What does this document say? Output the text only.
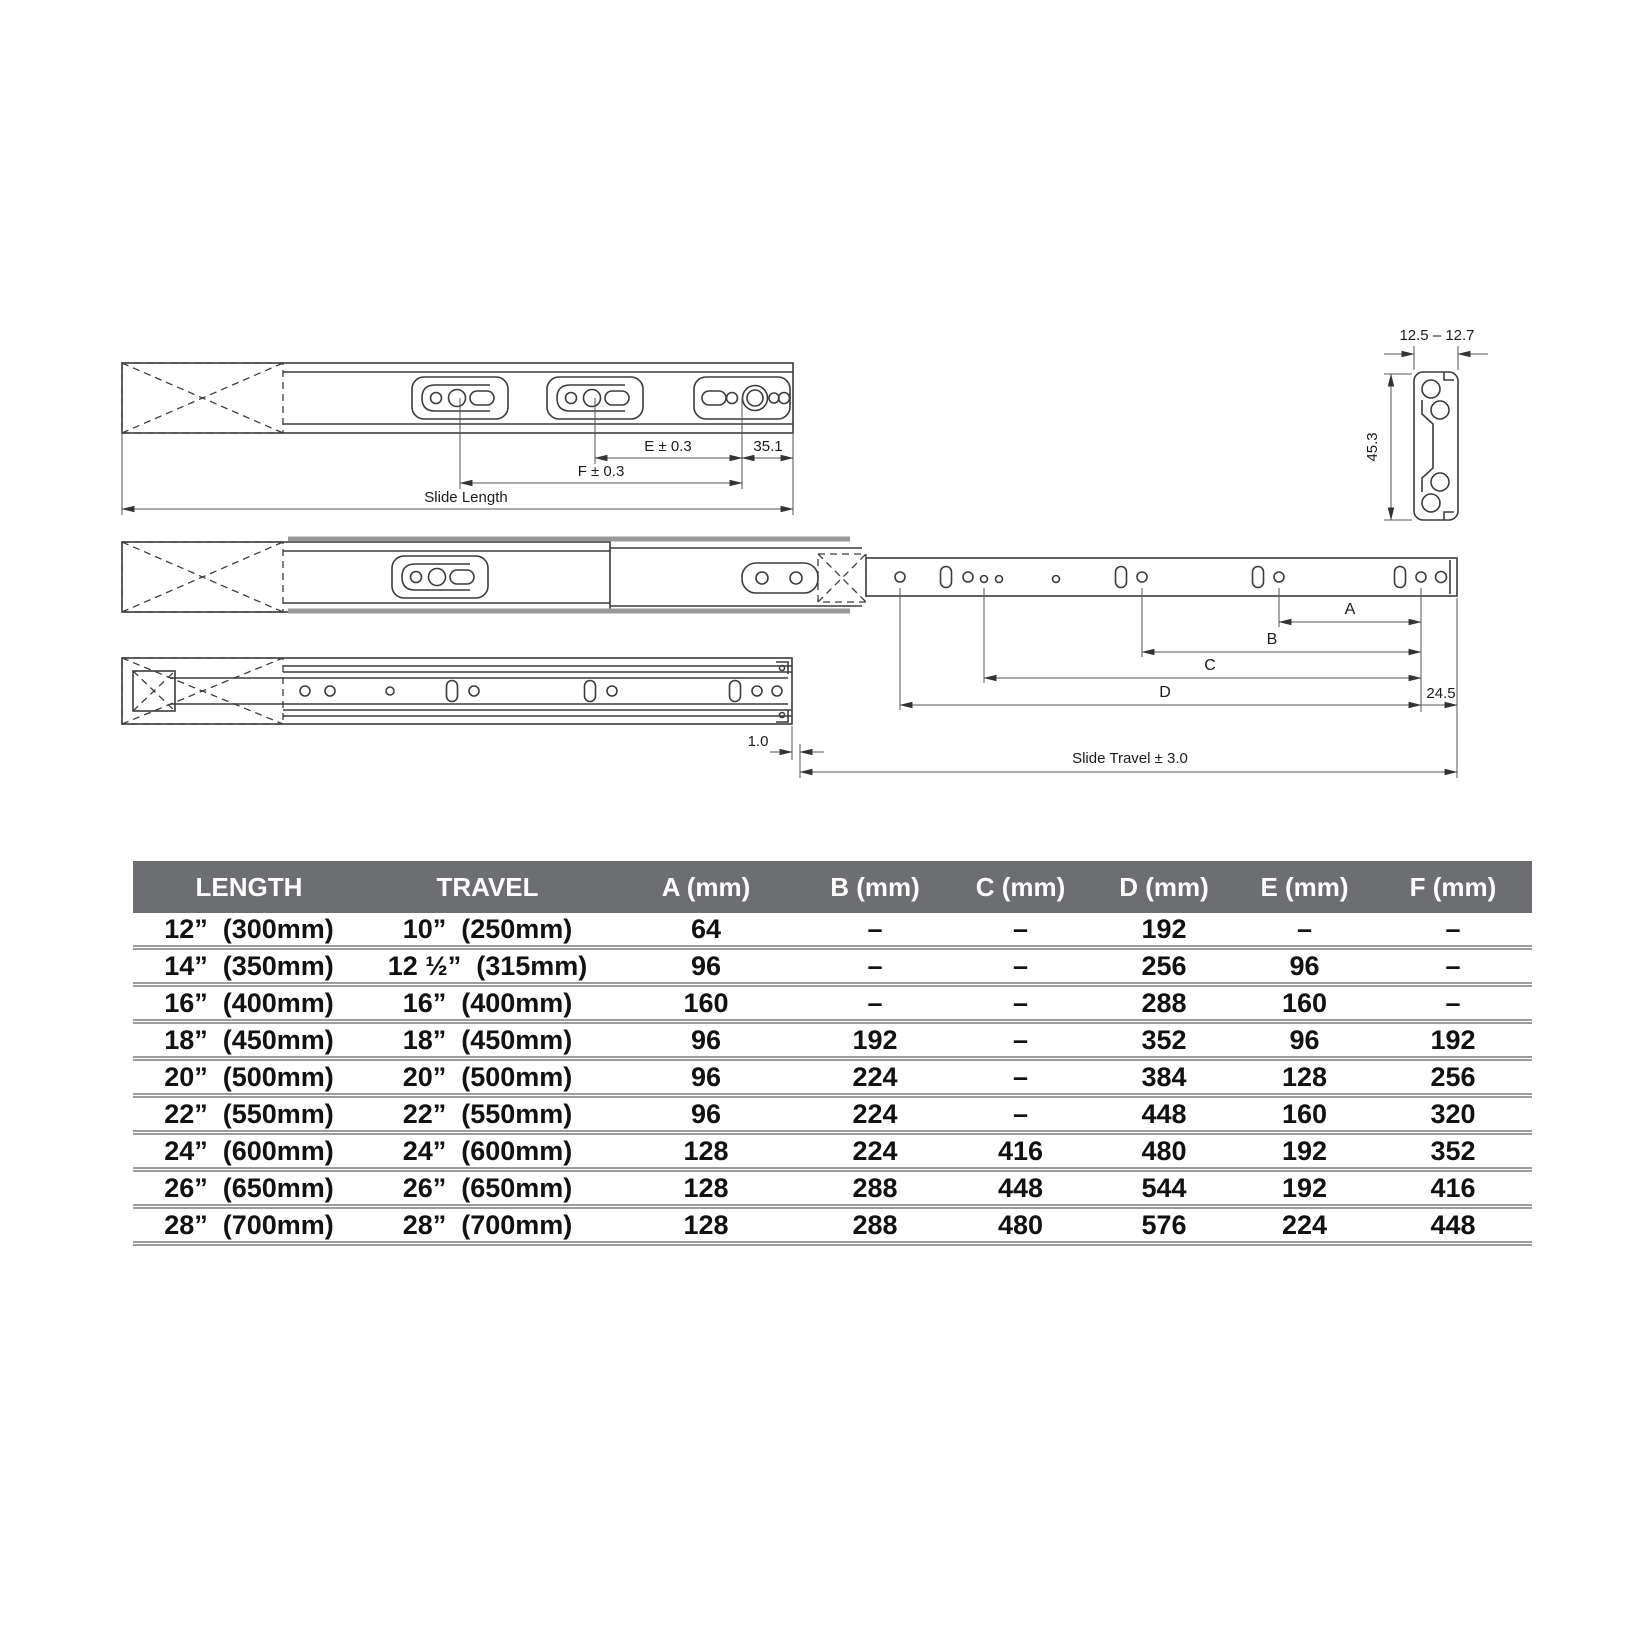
E ± 0.3	35.1
F ± 0.3
Slide Length
12.5 – 12.7
45.3
A
B
C
D	24.5
Slide Travel ± 3.0
1.0
LENGTH	TRAVEL	A (mm)	B (mm)	C (mm)	D (mm)	E (mm)	F (mm)
12”  (300mm)	10”  (250mm)	64	–	–	192	–	–
14”  (350mm)	12 ½”  (315mm)	96	–	–	256	96	–
16”  (400mm)	16”  (400mm)	160	–	–	288	160	–
18”  (450mm)	18”  (450mm)	96	192	–	352	96	192
20”  (500mm)	20”  (500mm)	96	224	–	384	128	256
22”  (550mm)	22”  (550mm)	96	224	–	448	160	320
24”  (600mm)	24”  (600mm)	128	224	416	480	192	352
26”  (650mm)	26”  (650mm)	128	288	448	544	192	416
28”  (700mm)	28”  (700mm)	128	288	480	576	224	448
